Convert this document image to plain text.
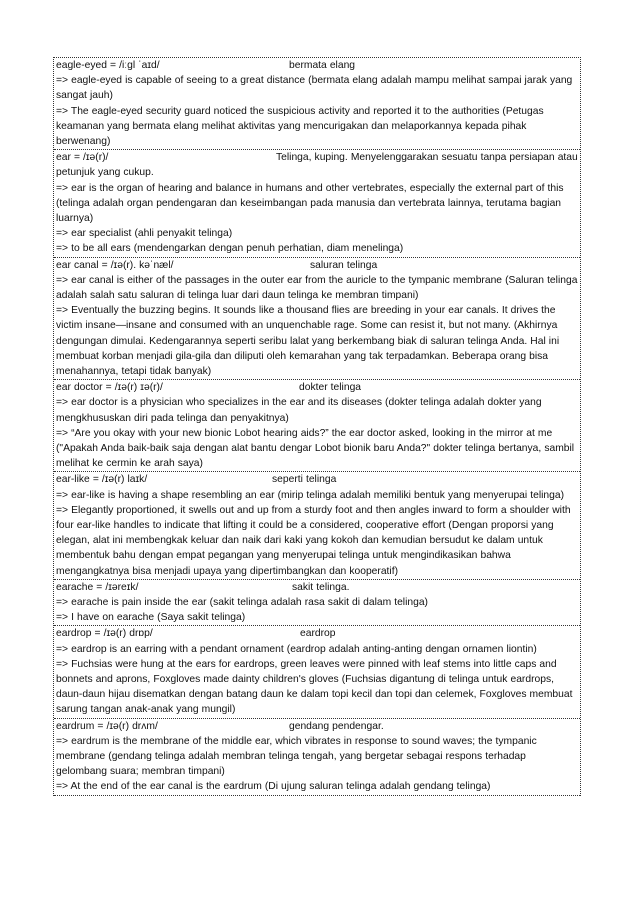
eagle-eyed = /iːgl ˈaɪd/	bermata elang
=> eagle-eyed is capable of seeing to a great distance (bermata elang adalah mampu melihat sampai jarak yang sangat jauh)
=> The eagle-eyed security guard noticed the suspicious activity and reported it to the authorities (Petugas keamanan yang bermata elang melihat aktivitas yang mencurigakan dan melaporkannya kepada pihak berwenang)
ear = /ɪə(r)/	Telinga, kuping. Menyelenggarakan sesuatu tanpa persiapan atau petunjuk yang cukup.
=> ear is the organ of hearing and balance in humans and other vertebrates, especially the external part of this (telinga adalah organ pendengaran dan keseimbangan pada manusia dan vertebrata lainnya, terutama bagian luarnya)
=> ear specialist (ahli penyakit telinga)
=> to be all ears (mendengarkan dengan penuh perhatian, diam menelinga)
ear canal = /ɪə(r). kəˈnæl/	saluran telinga
=> ear canal is either of the passages in the outer ear from the auricle to the tympanic membrane (Saluran telinga adalah salah satu saluran di telinga luar dari daun telinga ke membran timpani)
=> Eventually the buzzing begins. It sounds like a thousand flies are breeding in your ear canals. It drives the victim insane—insane and consumed with an unquenchable rage. Some can resist it, but not many. (Akhirnya dengungan dimulai. Kedengarannya seperti seribu lalat yang berkembang biak di saluran telinga Anda. Hal ini membuat korban menjadi gila-gila dan diliputi oleh kemarahan yang tak terpadamkan. Beberapa orang bisa menahannya, tetapi tidak banyak)
ear doctor = /ɪə(r) ɪə(r)/	dokter telinga
=> ear doctor is a physician who specializes in the ear and its diseases (dokter telinga adalah dokter yang mengkhususkan diri pada telinga dan penyakitnya)
=> “Are you okay with your new bionic Lobot hearing aids?” the ear doctor asked, looking in the mirror at me ("Apakah Anda baik-baik saja dengan alat bantu dengar Lobot bionik baru Anda?" dokter telinga bertanya, sambil melihat ke cermin ke arah saya)
ear-like = /ɪə(r) laɪk/	seperti telinga
=> ear-like is having a shape resembling an ear (mirip telinga adalah memiliki bentuk yang menyerupai telinga)
=> Elegantly proportioned, it swells out and up from a sturdy foot and then angles inward to form a shoulder with four ear-like handles to indicate that lifting it could be a considered, cooperative effort (Dengan proporsi yang elegan, alat ini membengkak keluar dan naik dari kaki yang kokoh dan kemudian bersudut ke dalam untuk membentuk bahu dengan empat pegangan yang menyerupai telinga untuk mengindikasikan bahwa mengangkatnya bisa menjadi upaya yang dipertimbangkan dan kooperatif)
earache = /ɪəreɪk/	sakit telinga.
=> earache is pain inside the ear (sakit telinga adalah rasa sakit di dalam telinga)
=> I have on earache (Saya sakit telinga)
eardrop = /ɪə(r) drɒp/	eardrop
=> eardrop is an earring with a pendant ornament (eardrop adalah anting-anting dengan ornamen liontin)
=> Fuchsias were hung at the ears for eardrops, green leaves were pinned with leaf stems into little caps and bonnets and aprons, Foxgloves made dainty children's gloves (Fuchsias digantung di telinga untuk eardrops, daun-daun hijau disematkan dengan batang daun ke dalam topi kecil dan topi dan celemek, Foxgloves membuat sarung tangan anak-anak yang mungil)
eardrum = /ɪə(r) drʌm/	gendang pendengar.
=> eardrum is the membrane of the middle ear, which vibrates in response to sound waves; the tympanic membrane (gendang telinga adalah membran telinga tengah, yang bergetar sebagai respons terhadap gelombang suara; membran timpani)
=> At the end of the ear canal is the eardrum (Di ujung saluran telinga adalah gendang telinga)
